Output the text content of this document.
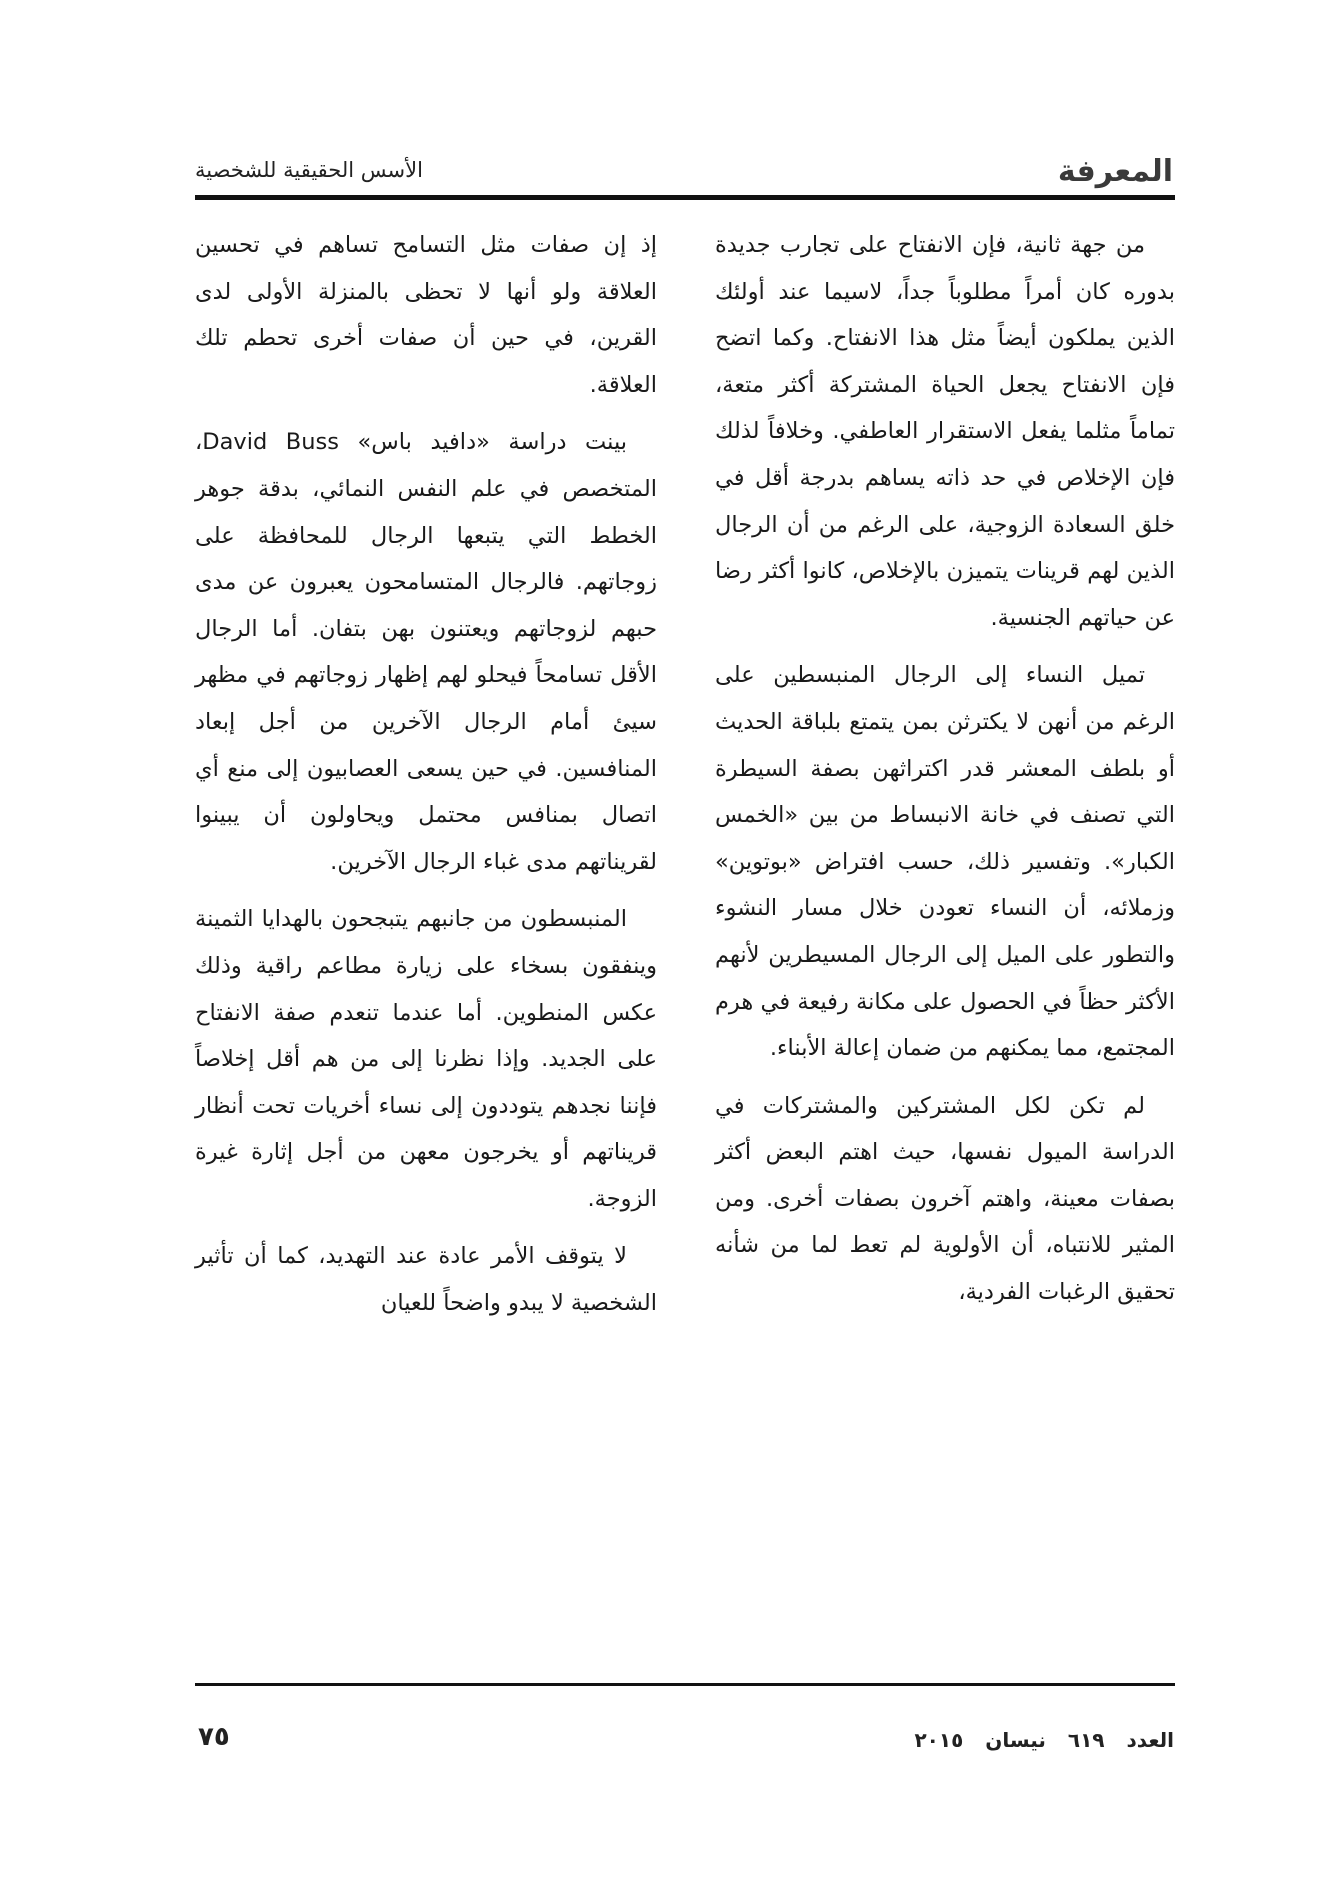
المعرفة
الأسس الحقيقية للشخصية

من جهة ثانية، فإن الانفتاح على تجارب جديدة بدوره كان أمراً مطلوباً جداً، لاسيما عند أولئك الذين يملكون أيضاً مثل هذا الانفتاح. وكما اتضح فإن الانفتاح يجعل الحياة المشتركة أكثر متعة، تماماً مثلما يفعل الاستقرار العاطفي. وخلافاً لذلك فإن الإخلاص في حد ذاته يساهم بدرجة أقل في خلق السعادة الزوجية، على الرغم من أن الرجال الذين لهم قرينات يتميزن بالإخلاص، كانوا أكثر رضا عن حياتهم الجنسية.

تميل النساء إلى الرجال المنبسطين على الرغم من أنهن لا يكترثن بمن يتمتع بلباقة الحديث أو بلطف المعشر قدر اكتراثهن بصفة السيطرة التي تصنف في خانة الانبساط من بين «الخمس الكبار». وتفسير ذلك، حسب افتراض «بوتوين» وزملائه، أن النساء تعودن خلال مسار النشوء والتطور على الميل إلى الرجال المسيطرين لأنهم الأكثر حظاً في الحصول على مكانة رفيعة في هرم المجتمع، مما يمكنهم من ضمان إعالة الأبناء.

لم تكن لكل المشتركين والمشتركات في الدراسة الميول نفسها، حيث اهتم البعض أكثر بصفات معينة، واهتم آخرون بصفات أخرى. ومن المثير للانتباه، أن الأولوية لم تعط لما من شأنه تحقيق الرغبات الفردية،

إذ إن صفات مثل التسامح تساهم في تحسين العلاقة ولو أنها لا تحظى بالمنزلة الأولى لدى القرين، في حين أن صفات أخرى تحطم تلك العلاقة.

بينت دراسة «دافيد باس» David Buss، المتخصص في علم النفس النمائي، بدقة جوهر الخطط التي يتبعها الرجال للمحافظة على زوجاتهم. فالرجال المتسامحون يعبرون عن مدى حبهم لزوجاتهم ويعتنون بهن بتفان. أما الرجال الأقل تسامحاً فيحلو لهم إظهار زوجاتهم في مظهر سيئ أمام الرجال الآخرين من أجل إبعاد المنافسين. في حين يسعى العصابيون إلى منع أي اتصال بمنافس محتمل ويحاولون أن يبينوا لقريناتهم مدى غباء الرجال الآخرين.

المنبسطون من جانبهم يتبجحون بالهدايا الثمينة وينفقون بسخاء على زيارة مطاعم راقية وذلك عكس المنطوين. أما عندما تنعدم صفة الانفتاح على الجديد. وإذا نظرنا إلى من هم أقل إخلاصاً فإننا نجدهم يتوددون إلى نساء أخريات تحت أنظار قريناتهم أو يخرجون معهن من أجل إثارة غيرة الزوجة.

لا يتوقف الأمر عادة عند التهديد، كما أن تأثير الشخصية لا يبدو واضحاً للعيان

العدد٦١٩نيسان٢٠١٥
٧٥
